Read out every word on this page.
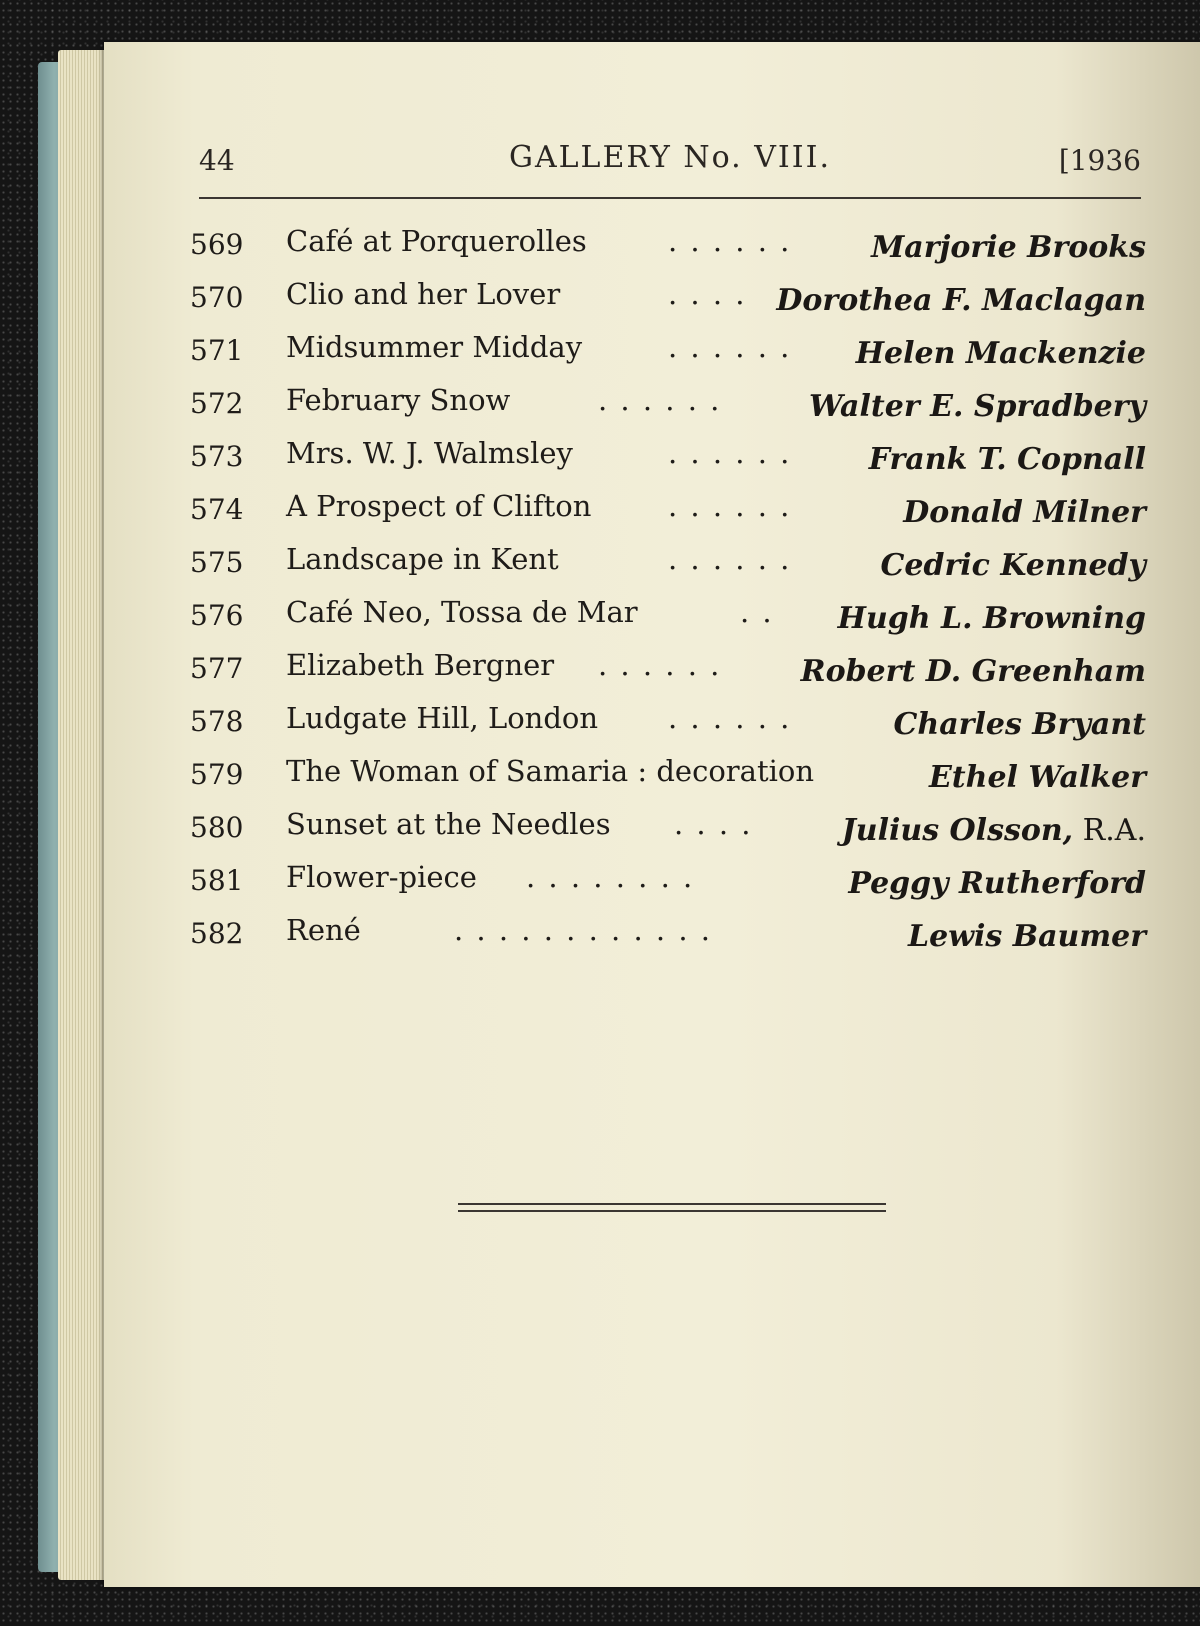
44	GALLERY No. VIII.	[1936
569 Café at Porquerolles	. . . . . .	Marjorie Brooks
570 Clio and her Lover	. . . . Dorothea F. Maclagan
571 Midsummer Midday	. . . . . . Helen Mackenzie
572 February Snow	. . . . . .	Walter E. Spradbery
573 Mrs. W. J. Walmsley	. . . . . .	Frank T. Copnall
574 A Prospect of Clifton	. . . . . .	Donald Milner
575 Landscape in Kent	. . . . . .	Cedric Kennedy
576 Café Neo, Tossa de Mar	. . Hugh L. Browning
577 Elizabeth Bergner . . . . . .	Robert D. Greenham
578 Ludgate Hill, London . . . . . .	Charles Bryant
579 The Woman of Samaria : decoration	Ethel Walker
580 Sunset at the Needles . . . .	Julius Olsson, R.A.
581 Flower-piece . . . . . . . .	Peggy Rutherford
582 René	. . . . . . . . . . . .	Lewis Baumer
